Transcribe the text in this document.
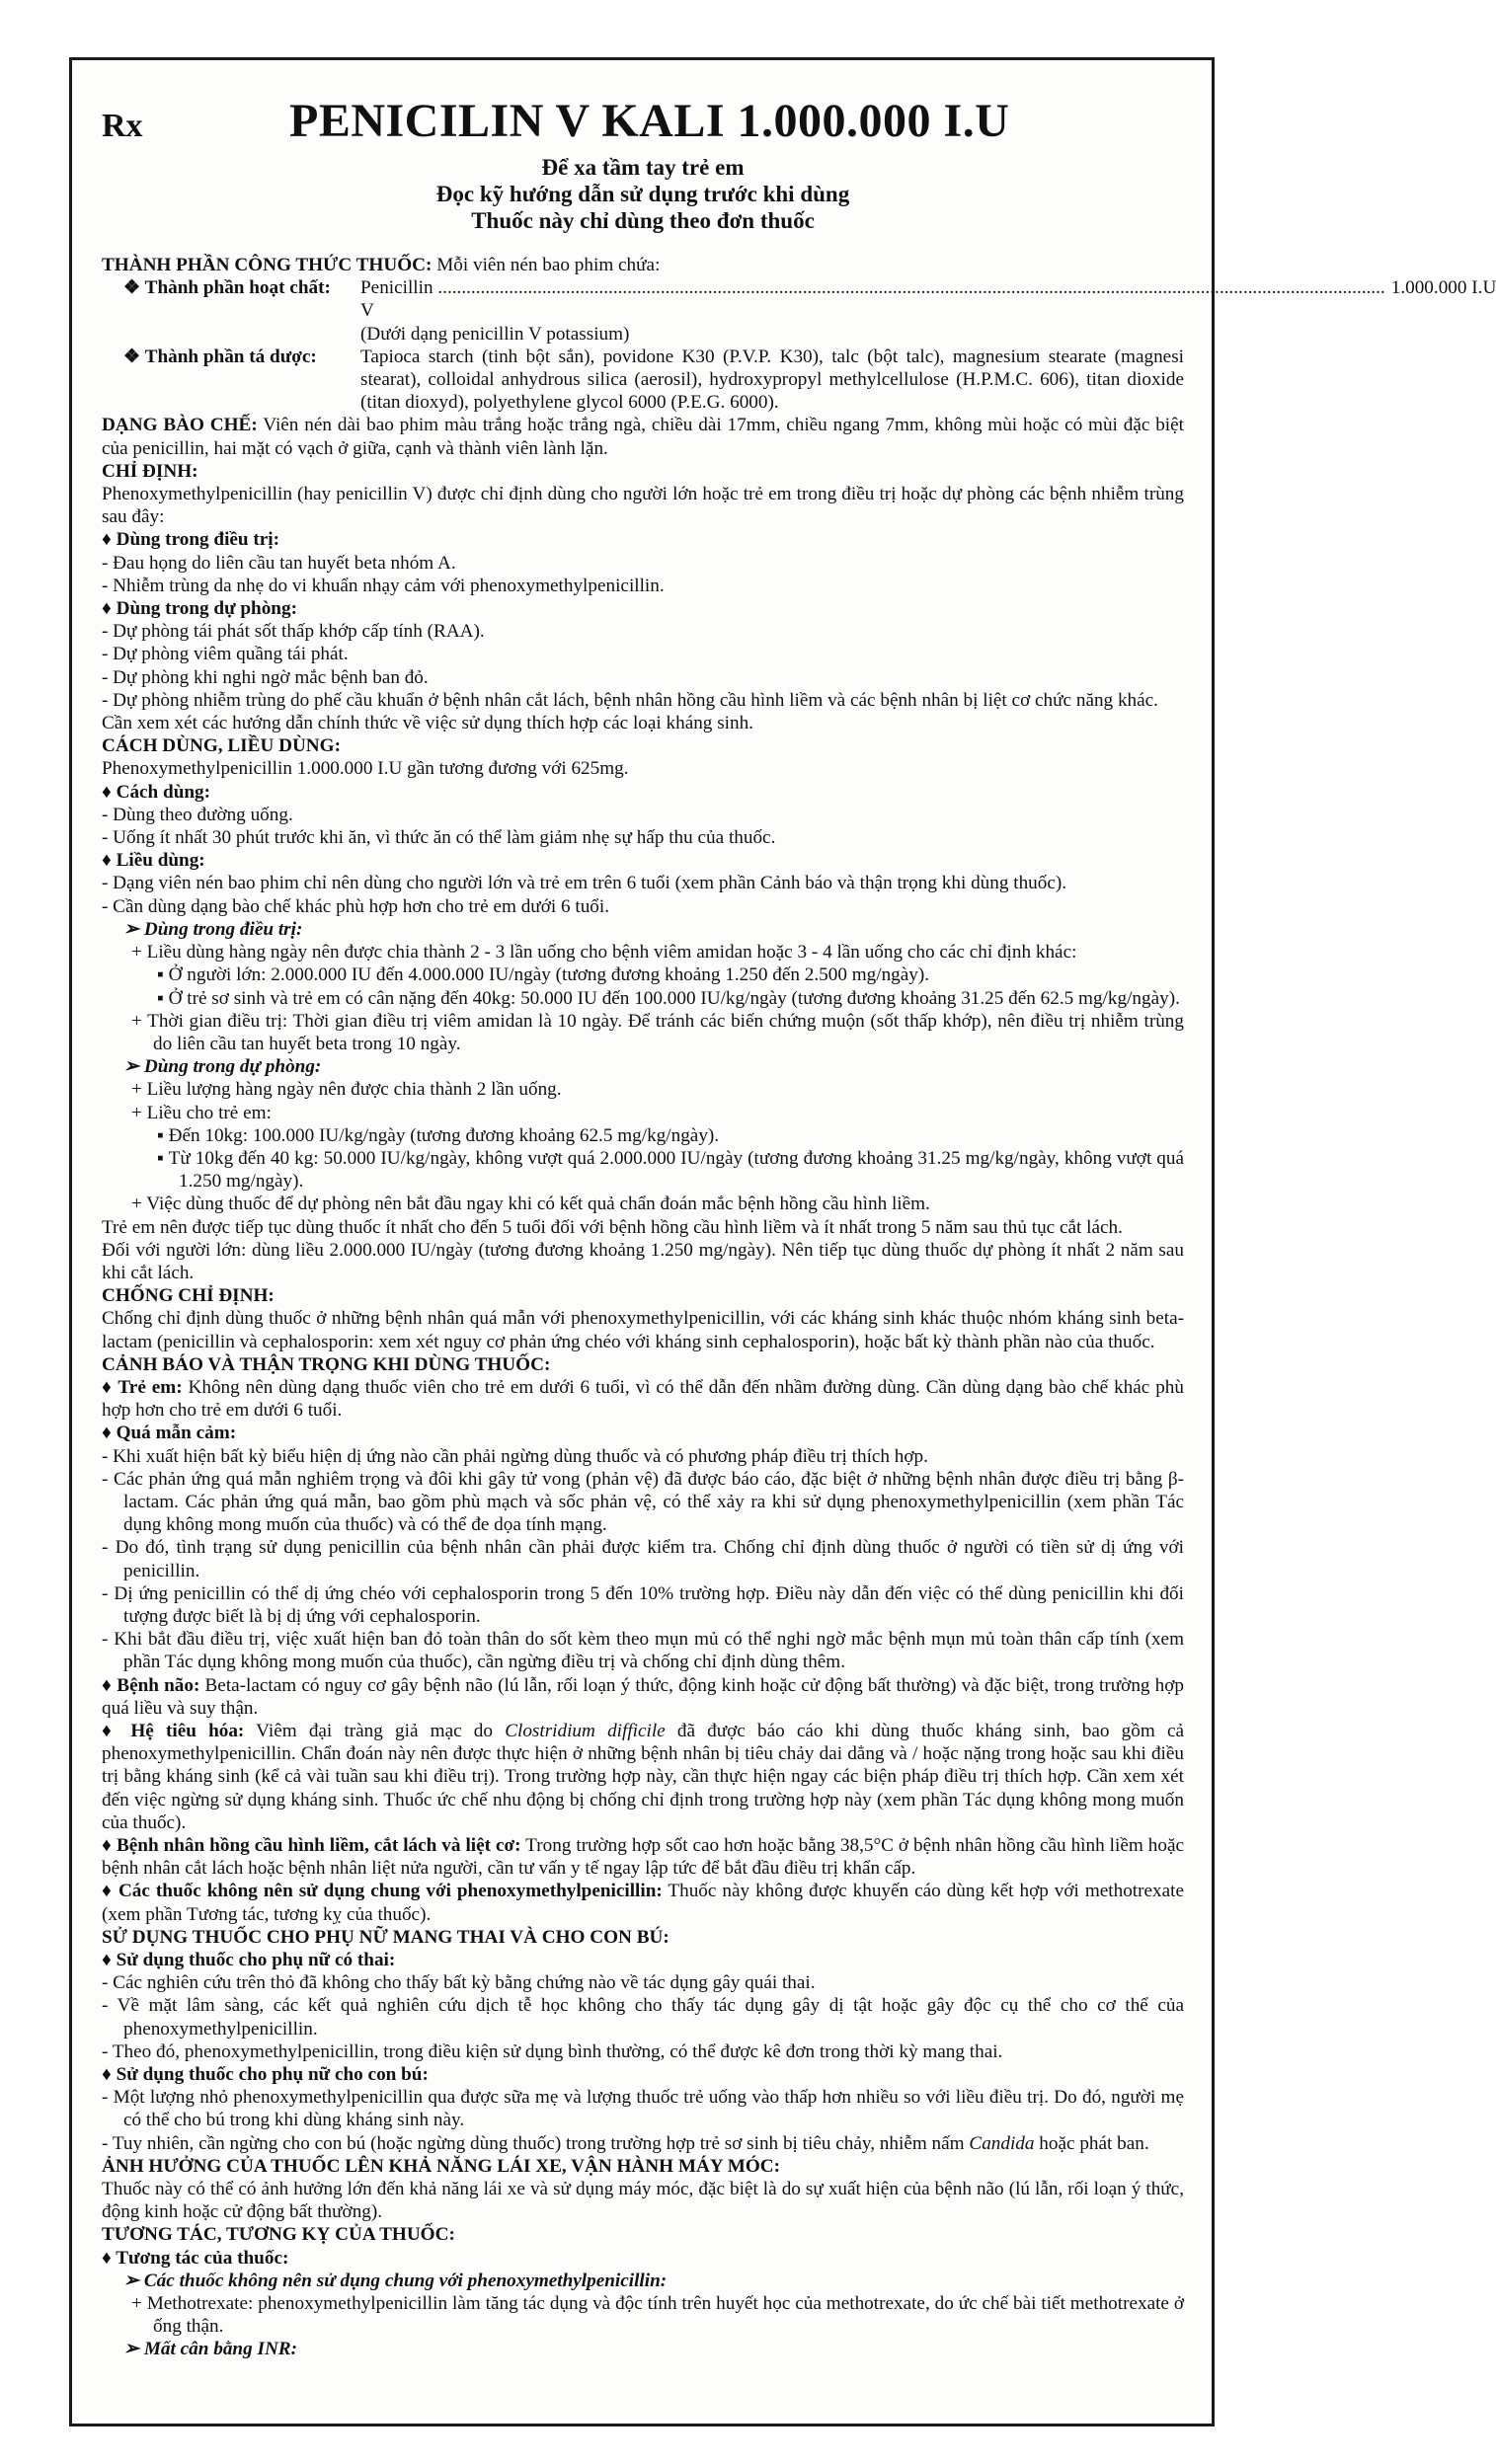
Rx	PENICILIN V KALI 1.000.000 I.U
Để xa tầm tay trẻ em
Đọc kỹ hướng dẫn sử dụng trước khi dùng
Thuốc này chỉ dùng theo đơn thuốc

THÀNH PHẦN CÔNG THỨC THUỐC: Mỗi viên nén bao phim chứa:

❖ Thành phần hoạt chất:	Penicillin V
........................................................................................................................................................................................................ 1.000.000 I.U

(Dưới dạng penicillin V potassium)

❖ Thành phần tá dược:	Tapioca starch (tinh bột sắn), povidone K30 (P.V.P. K30), talc (bột talc), magnesium stearate (magnesi stearat), colloidal anhydrous silica (aerosil), hydroxypropyl methylcellulose (H.P.M.C. 606), titan dioxide (titan dioxyd), polyethylene glycol 6000 (P.E.G. 6000).

DẠNG BÀO CHẾ: Viên nén dài bao phim màu trắng hoặc trắng ngà, chiều dài 17mm, chiều ngang 7mm, không mùi hoặc có mùi đặc biệt của penicillin, hai mặt có vạch ở giữa, cạnh và thành viên lành lặn.

CHỈ ĐỊNH:

Phenoxymethylpenicillin (hay penicillin V) được chỉ định dùng cho người lớn hoặc trẻ em trong điều trị hoặc dự phòng các bệnh nhiễm trùng sau đây:

♦ Dùng trong điều trị:

- Đau họng do liên cầu tan huyết beta nhóm A.

- Nhiễm trùng da nhẹ do vi khuẩn nhạy cảm với phenoxymethylpenicillin.

♦ Dùng trong dự phòng:

- Dự phòng tái phát sốt thấp khớp cấp tính (RAA).

- Dự phòng viêm quầng tái phát.

- Dự phòng khi nghi ngờ mắc bệnh ban đỏ.

- Dự phòng nhiễm trùng do phế cầu khuẩn ở bệnh nhân cắt lách, bệnh nhân hồng cầu hình liềm và các bệnh nhân bị liệt cơ chức năng khác.

Cần xem xét các hướng dẫn chính thức về việc sử dụng thích hợp các loại kháng sinh.

CÁCH DÙNG, LIỀU DÙNG:

Phenoxymethylpenicillin 1.000.000 I.U gần tương đương với 625mg.

♦ Cách dùng:

- Dùng theo đường uống.

- Uống ít nhất 30 phút trước khi ăn, vì thức ăn có thể làm giảm nhẹ sự hấp thu của thuốc.

♦ Liều dùng:

- Dạng viên nén bao phim chỉ nên dùng cho người lớn và trẻ em trên 6 tuổi (xem phần Cảnh báo và thận trọng khi dùng thuốc).

- Cần dùng dạng bào chế khác phù hợp hơn cho trẻ em dưới 6 tuổi.

➢ Dùng trong điều trị:

+ Liều dùng hàng ngày nên được chia thành 2 - 3 lần uống cho bệnh viêm amidan hoặc 3 - 4 lần uống cho các chỉ định khác:

▪ Ở người lớn: 2.000.000 IU đến 4.000.000 IU/ngày (tương đương khoảng 1.250 đến 2.500 mg/ngày).

▪ Ở trẻ sơ sinh và trẻ em có cân nặng đến 40kg: 50.000 IU đến 100.000 IU/kg/ngày (tương đương khoảng 31.25 đến 62.5 mg/kg/ngày).

+ Thời gian điều trị: Thời gian điều trị viêm amidan là 10 ngày. Để tránh các biến chứng muộn (sốt thấp khớp), nên điều trị nhiễm trùng do liên cầu tan huyết beta trong 10 ngày.

➢ Dùng trong dự phòng:

+ Liều lượng hàng ngày nên được chia thành 2 lần uống.

+ Liều cho trẻ em:

▪ Đến 10kg: 100.000 IU/kg/ngày (tương đương khoảng 62.5 mg/kg/ngày).

▪ Từ 10kg đến 40 kg: 50.000 IU/kg/ngày, không vượt quá 2.000.000 IU/ngày (tương đương khoảng 31.25 mg/kg/ngày, không vượt quá 1.250 mg/ngày).

+ Việc dùng thuốc để dự phòng nên bắt đầu ngay khi có kết quả chẩn đoán mắc bệnh hồng cầu hình liềm.

Trẻ em nên được tiếp tục dùng thuốc ít nhất cho đến 5 tuổi đối với bệnh hồng cầu hình liềm và ít nhất trong 5 năm sau thủ tục cắt lách.

Đối với người lớn: dùng liều 2.000.000 IU/ngày (tương đương khoảng 1.250 mg/ngày). Nên tiếp tục dùng thuốc dự phòng ít nhất 2 năm sau khi cắt lách.

CHỐNG CHỈ ĐỊNH:

Chống chỉ định dùng thuốc ở những bệnh nhân quá mẫn với phenoxymethylpenicillin, với các kháng sinh khác thuộc nhóm kháng sinh beta-lactam (penicillin và cephalosporin: xem xét nguy cơ phản ứng chéo với kháng sinh cephalosporin), hoặc bất kỳ thành phần nào của thuốc.

CẢNH BÁO VÀ THẬN TRỌNG KHI DÙNG THUỐC:

♦ Trẻ em: Không nên dùng dạng thuốc viên cho trẻ em dưới 6 tuổi, vì có thể dẫn đến nhầm đường dùng. Cần dùng dạng bào chế khác phù hợp hơn cho trẻ em dưới 6 tuổi.

♦ Quá mẫn cảm:

- Khi xuất hiện bất kỳ biểu hiện dị ứng nào cần phải ngừng dùng thuốc và có phương pháp điều trị thích hợp.

- Các phản ứng quá mẫn nghiêm trọng và đôi khi gây tử vong (phản vệ) đã được báo cáo, đặc biệt ở những bệnh nhân được điều trị bằng β-lactam. Các phản ứng quá mẫn, bao gồm phù mạch và sốc phản vệ, có thể xảy ra khi sử dụng phenoxymethylpenicillin (xem phần Tác dụng không mong muốn của thuốc) và có thể đe dọa tính mạng.

- Do đó, tình trạng sử dụng penicillin của bệnh nhân cần phải được kiểm tra. Chống chỉ định dùng thuốc ở người có tiền sử dị ứng với penicillin.

- Dị ứng penicillin có thể dị ứng chéo với cephalosporin trong 5 đến 10% trường hợp. Điều này dẫn đến việc có thể dùng penicillin khi đối tượng được biết là bị dị ứng với cephalosporin.

- Khi bắt đầu điều trị, việc xuất hiện ban đỏ toàn thân do sốt kèm theo mụn mủ có thể nghi ngờ mắc bệnh mụn mủ toàn thân cấp tính (xem phần Tác dụng không mong muốn của thuốc), cần ngừng điều trị và chống chỉ định dùng thêm.

♦ Bệnh não: Beta-lactam có nguy cơ gây bệnh não (lú lẫn, rối loạn ý thức, động kinh hoặc cử động bất thường) và đặc biệt, trong trường hợp quá liều và suy thận.

♦ Hệ tiêu hóa: Viêm đại tràng giả mạc do Clostridium difficile đã được báo cáo khi dùng thuốc kháng sinh, bao gồm cả phenoxymethylpenicillin. Chẩn đoán này nên được thực hiện ở những bệnh nhân bị tiêu chảy dai dẳng và / hoặc nặng trong hoặc sau khi điều trị bằng kháng sinh (kể cả vài tuần sau khi điều trị). Trong trường hợp này, cần thực hiện ngay các biện pháp điều trị thích hợp. Cần xem xét đến việc ngừng sử dụng kháng sinh. Thuốc ức chế nhu động bị chống chỉ định trong trường hợp này (xem phần Tác dụng không mong muốn của thuốc).

♦ Bệnh nhân hồng cầu hình liềm, cắt lách và liệt cơ: Trong trường hợp sốt cao hơn hoặc bằng 38,5°C ở bệnh nhân hồng cầu hình liềm hoặc bệnh nhân cắt lách hoặc bệnh nhân liệt nửa người, cần tư vấn y tế ngay lập tức để bắt đầu điều trị khẩn cấp.

♦ Các thuốc không nên sử dụng chung với phenoxymethylpenicillin: Thuốc này không được khuyến cáo dùng kết hợp với methotrexate (xem phần Tương tác, tương kỵ của thuốc).

SỬ DỤNG THUỐC CHO PHỤ NỮ MANG THAI VÀ CHO CON BÚ:

♦ Sử dụng thuốc cho phụ nữ có thai:

- Các nghiên cứu trên thỏ đã không cho thấy bất kỳ bằng chứng nào về tác dụng gây quái thai.

- Về mặt lâm sàng, các kết quả nghiên cứu dịch tễ học không cho thấy tác dụng gây dị tật hoặc gây độc cụ thể cho cơ thể của phenoxymethylpenicillin.

- Theo đó, phenoxymethylpenicillin, trong điều kiện sử dụng bình thường, có thể được kê đơn trong thời kỳ mang thai.

♦ Sử dụng thuốc cho phụ nữ cho con bú:

- Một lượng nhỏ phenoxymethylpenicillin qua được sữa mẹ và lượng thuốc trẻ uống vào thấp hơn nhiều so với liều điều trị. Do đó, người mẹ có thể cho bú trong khi dùng kháng sinh này.

- Tuy nhiên, cần ngừng cho con bú (hoặc ngừng dùng thuốc) trong trường hợp trẻ sơ sinh bị tiêu chảy, nhiễm nấm Candida hoặc phát ban.

ẢNH HƯỞNG CỦA THUỐC LÊN KHẢ NĂNG LÁI XE, VẬN HÀNH MÁY MÓC:

Thuốc này có thể có ảnh hưởng lớn đến khả năng lái xe và sử dụng máy móc, đặc biệt là do sự xuất hiện của bệnh não (lú lẫn, rối loạn ý thức, động kinh hoặc cử động bất thường).

TƯƠNG TÁC, TƯƠNG KỴ CỦA THUỐC:

♦ Tương tác của thuốc:

➢ Các thuốc không nên sử dụng chung với phenoxymethylpenicillin:

+ Methotrexate: phenoxymethylpenicillin làm tăng tác dụng và độc tính trên huyết học của methotrexate, do ức chế bài tiết methotrexate ở ống thận.

➢ Mất cân bằng INR:
